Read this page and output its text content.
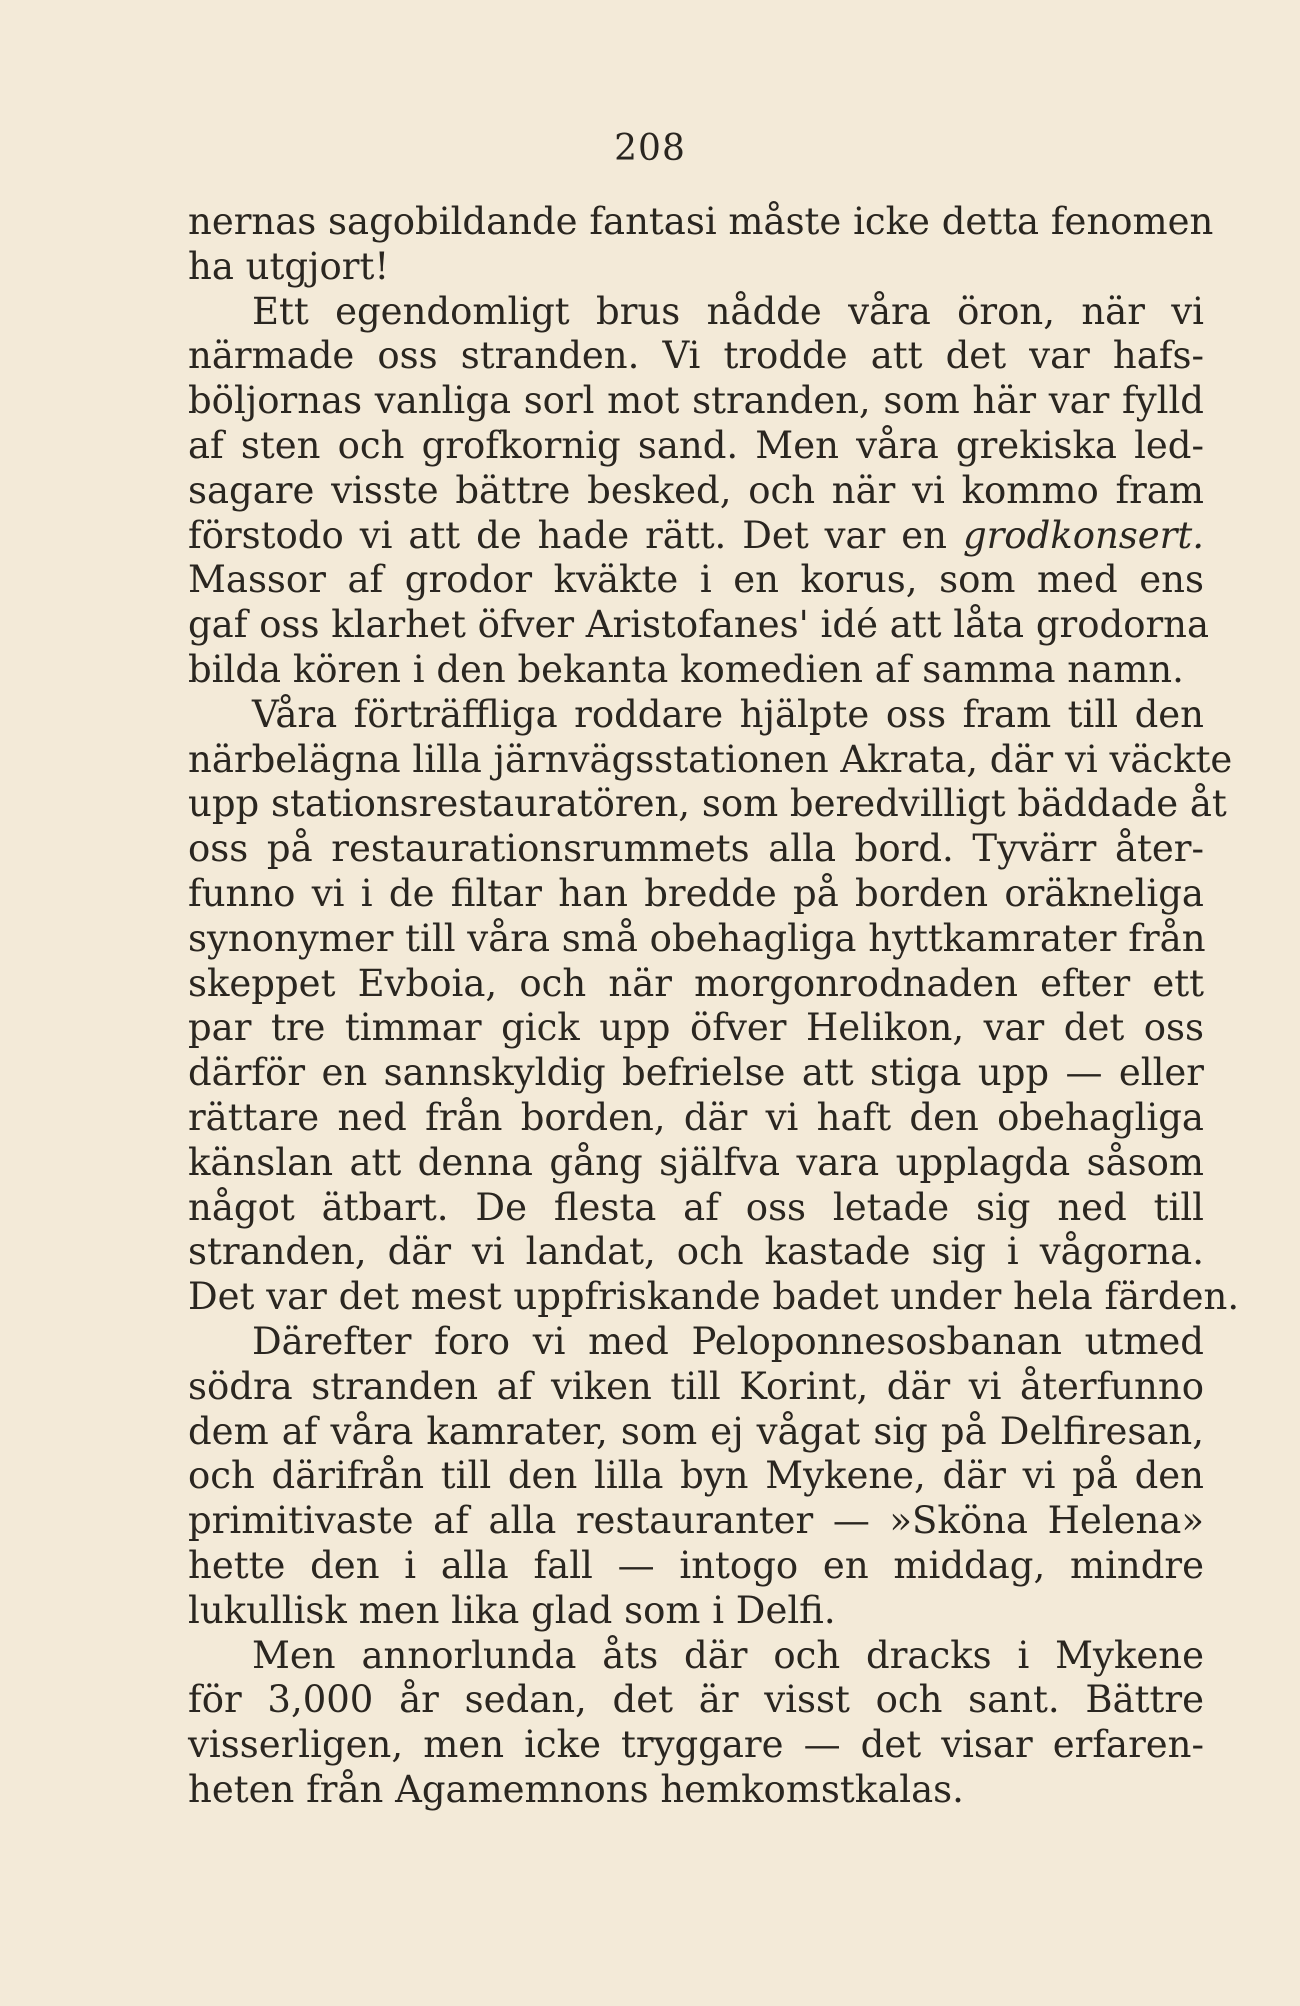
208
nernas sagobildande fantasi måste icke detta fenomen
ha utgjort!
Ett egendomligt brus nådde våra öron, när vi
närmade oss stranden. Vi trodde att det var hafs-
böljornas vanliga sorl mot stranden, som här var fylld
af sten och grofkornig sand. Men våra grekiska led-
sagare visste bättre besked, och när vi kommo fram
förstodo vi att de hade rätt. Det var en grodkonsert.
Massor af grodor kväkte i en korus, som med ens
gaf oss klarhet öfver Aristofanes' idé att låta grodorna
bilda kören i den bekanta komedien af samma namn.
Våra förträffliga roddare hjälpte oss fram till den
närbelägna lilla järnvägsstationen Akrata, där vi väckte
upp stationsrestauratören, som beredvilligt bäddade åt
oss på restaurationsrummets alla bord. Tyvärr åter-
funno vi i de filtar han bredde på borden oräkneliga
synonymer till våra små obehagliga hyttkamrater från
skeppet Evboia, och när morgonrodnaden efter ett
par tre timmar gick upp öfver Helikon, var det oss
därför en sannskyldig befrielse att stiga upp — eller
rättare ned från borden, där vi haft den obehagliga
känslan att denna gång själfva vara upplagda såsom
något ätbart. De flesta af oss letade sig ned till
stranden, där vi landat, och kastade sig i vågorna.
Det var det mest uppfriskande badet under hela färden.
Därefter foro vi med Peloponnesosbanan utmed
södra stranden af viken till Korint, där vi återfunno
dem af våra kamrater, som ej vågat sig på Delfiresan,
och därifrån till den lilla byn Mykene, där vi på den
primitivaste af alla restauranter — »Sköna Helena»
hette den i alla fall — intogo en middag, mindre
lukullisk men lika glad som i Delfi.
Men annorlunda åts där och dracks i Mykene
för 3,000 år sedan, det är visst och sant. Bättre
visserligen, men icke tryggare — det visar erfaren-
heten från Agamemnons hemkomstkalas.
